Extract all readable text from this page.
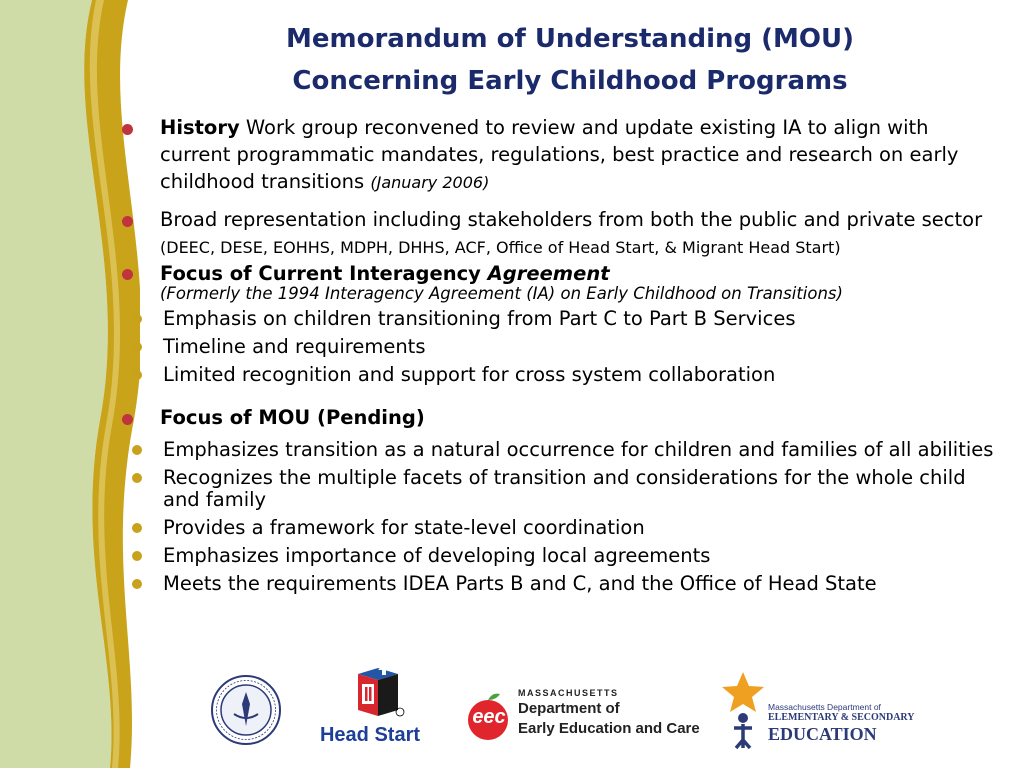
Memorandum of Understanding (MOU)
Concerning Early Childhood Programs
History Work group reconvened to review and update existing IA to align with current programmatic mandates, regulations, best practice and research on early childhood transitions (January 2006)
Broad representation including stakeholders from both the public and private sector (DEEC, DESE, EOHHS, MDPH, DHHS, ACF, Office of Head Start, & Migrant Head Start)
Focus of Current Interagency Agreement
(Formerly the 1994 Interagency Agreement (IA) on Early Childhood on Transitions)
Emphasis on children transitioning from Part C to Part B Services
Timeline and requirements
Limited recognition and support for cross system collaboration
Focus of MOU (Pending)
Emphasizes transition as a natural occurrence for children and families of all abilities
Recognizes the multiple facets of transition and considerations for the whole child and family
Provides a framework for state-level coordination
Emphasizes importance of developing local agreements
Meets the requirements IDEA Parts B and C, and the Office of Head State
Head Start
eec
MASSACHUSETTS
Department of
Early Education and Care
Massachusetts Department of
ELEMENTARY & SECONDARY
EDUCATION
